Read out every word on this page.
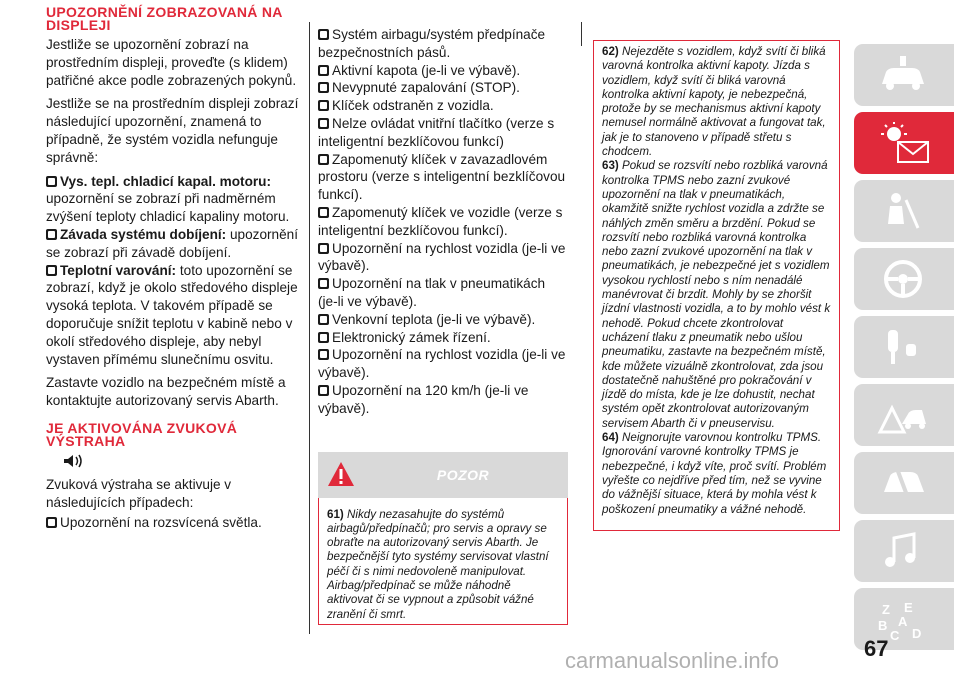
UPOZORNĚNÍ ZOBRAZOVANÁ NA DISPLEJI

Jestliže se upozornění zobrazí na prostředním displeji, proveďte (s klidem) patřičné akce podle zobrazených pokynů.

Jestliže se na prostředním displeji zobrazí následující upozornění, znamená to případně, že systém vozidla nefunguje správně:

Vys. tepl. chladicí kapal. motoru: upozornění se zobrazí při nadměrném zvýšení teploty chladicí kapaliny motoru.

Závada systému dobíjení: upozornění se zobrazí při závadě dobíjení.

Teplotní varování: toto upozornění se zobrazí, když je okolo středového displeje vysoká teplota. V takovém případě se doporučuje snížit teplotu v kabině nebo v okolí středového displeje, aby nebyl vystaven přímému slunečnímu osvitu.

Zastavte vozidlo na bezpečném místě a kontaktujte autorizovaný servis Abarth.

JE AKTIVOVÁNA ZVUKOVÁ VÝSTRAHA

Zvuková výstraha se aktivuje v následujících případech:

Upozornění na rozsvícená světla.

Systém airbagu/systém předpínače bezpečnostních pásů.

Aktivní kapota (je-li ve výbavě).

Nevypnuté zapalování (STOP).

Klíček odstraněn z vozidla.

Nelze ovládat vnitřní tlačítko (verze s inteligentní bezklíčovou funkcí)

Zapomenutý klíček v zavazadlovém prostoru (verze s inteligentní bezklíčovou funkcí).

Zapomenutý klíček ve vozidle (verze s inteligentní bezklíčovou funkcí).

Upozornění na rychlost vozidla (je-li ve výbavě).

Upozornění na tlak v pneumatikách (je-li ve výbavě).

Venkovní teplota (je-li ve výbavě).

Elektronický zámek řízení.

Upozornění na rychlost vozidla (je-li ve výbavě).

Upozornění na 120 km/h (je-li ve výbavě).

POZOR

61) Nikdy nezasahujte do systémů airbagů/předpínačů; pro servis a opravy se obraťte na autorizovaný servis Abarth. Je bezpečnější tyto systémy servisovat vlastní péčí či s nimi nedovoleně manipulovat. Airbag/předpínač se může náhodně aktivovat či se vypnout a způsobit vážné zranění či smrt.

62) Nejezděte s vozidlem, když svítí či bliká varovná kontrolka aktivní kapoty. Jízda s vozidlem, když svítí či bliká varovná kontrolka aktivní kapoty, je nebezpečná, protože by se mechanismus aktivní kapoty nemusel normálně aktivovat a fungovat tak, jak je to stanoveno v případě střetu s chodcem.

63) Pokud se rozsvítí nebo rozbliká varovná kontrolka TPMS nebo zazní zvukové upozornění na tlak v pneumatikách, okamžitě snižte rychlost vozidla a zdržte se náhlých změn směru a brzdění. Pokud se rozsvítí nebo rozbliká varovná kontrolka nebo zazní zvukové upozornění na tlak v pneumatikách, je nebezpečné jet s vozidlem vysokou rychlostí nebo s ním nenadálé manévrovat či brzdit. Mohly by se zhoršit jízdní vlastnosti vozidla, a to by mohlo vést k nehodě. Pokud chcete zkontrolovat ucházení tlaku z pneumatik nebo ušlou pneumatiku, zastavte na bezpečném místě, kde můžete vizuálně zkontrolovat, zda jsou dostatečně nahuštěné pro pokračování v jízdě do místa, kde je lze dohustit, nechat systém opět zkontrolovat autorizovaným servisem Abarth či v pneuservisu.

64) Neignorujte varovnou kontrolku TPMS. Ignorování varovné kontrolky TPMS je nebezpečné, i když víte, proč svítí. Problém vyřešte co nejdříve před tím, než se vyvine do vážnější situace, která by mohla vést k poškození pneumatiky a vážné nehodě.

Z E
B A
C D
67
carmanualsonline.info
